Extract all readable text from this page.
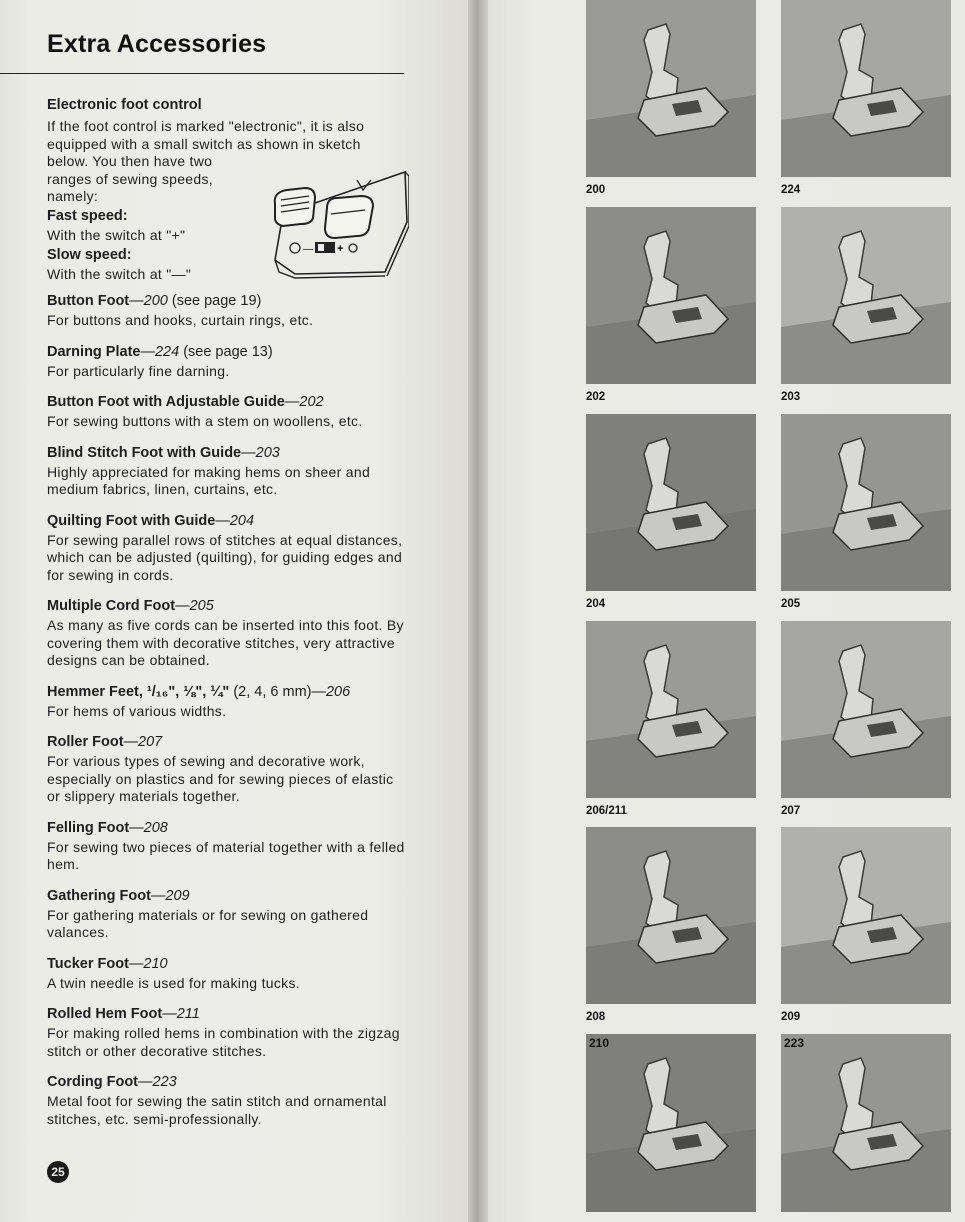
Extra Accessories

Electronic foot control

If the foot control is marked "electronic", it is also equipped with a small switch as shown in sketch

below. You then have two ranges of sewing speeds, namely:

Fast speed:

With the switch at "+"

Slow speed:

With the switch at "—"

— +
Button Foot—200 (see page 19)

For buttons and hooks, curtain rings, etc.

Darning Plate—224 (see page 13)

For particularly fine darning.

Button Foot with Adjustable Guide—202

For sewing buttons with a stem on woollens, etc.

Blind Stitch Foot with Guide—203

Highly appreciated for making hems on sheer and medium fabrics, linen, curtains, etc.

Quilting Foot with Guide—204

For sewing parallel rows of stitches at equal distances, which can be adjusted (quilting), for guiding edges and for sewing in cords.

Multiple Cord Foot—205

As many as five cords can be inserted into this foot. By covering them with decorative stitches, very attractive designs can be obtained.

Hemmer Feet, ¹/₁₆", ⅛", ¼" (2, 4, 6 mm)—206

For hems of various widths.

Roller Foot—207

For various types of sewing and decorative work, especially on plastics and for sewing pieces of elastic or slippery materials together.

Felling Foot—208

For sewing two pieces of material together with a felled hem.

Gathering Foot—209

For gathering materials or for sewing on gathered valances.

Tucker Foot—210

A twin needle is used for making tucks.

Rolled Hem Foot—211

For making rolled hems in combination with the zigzag stitch or other decorative stitches.

Cording Foot—223

Metal foot for sewing the satin stitch and ornamental stitches, etc. semi-professionally.

25
200	224
202	203
204	205
206/211	207
208	209
210	223
